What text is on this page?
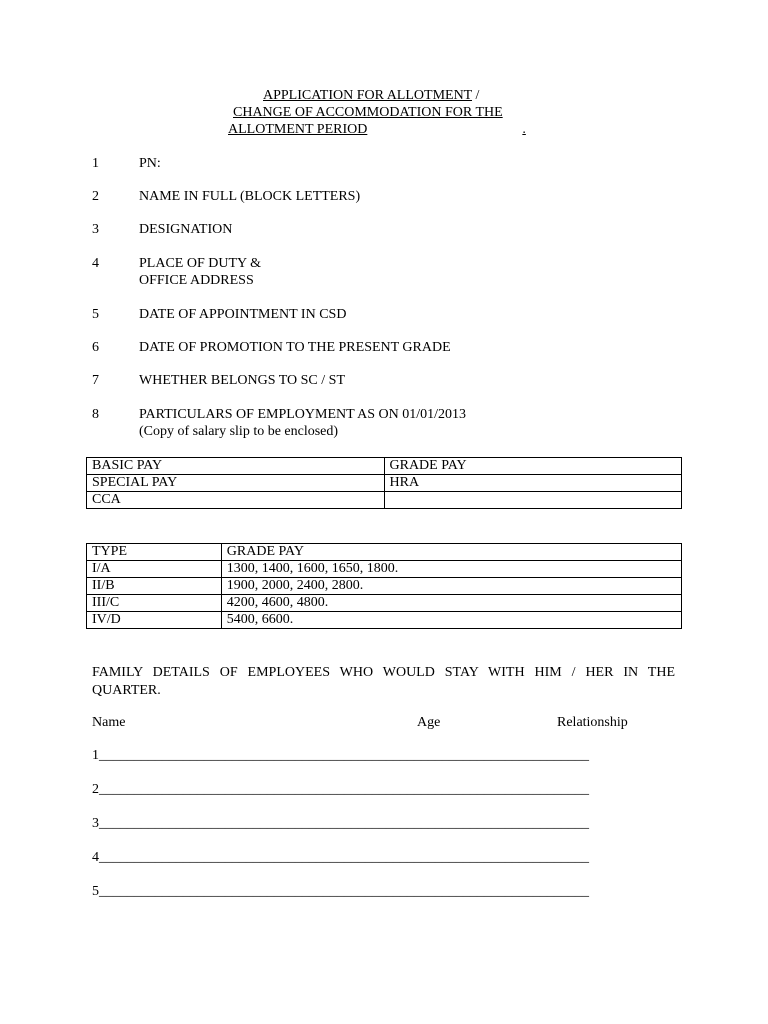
APPLICATION FOR ALLOTMENT /
CHANGE OF ACCOMMODATION FOR THE
ALLOTMENT PERIOD	.
1	PN:
2	NAME IN FULL (BLOCK LETTERS)
3	DESIGNATION
4	PLACE OF DUTY &
OFFICE ADDRESS
5	DATE OF APPOINTMENT IN CSD
6	DATE OF PROMOTION TO THE PRESENT GRADE
7	WHETHER BELONGS TO SC / ST
8	PARTICULARS OF EMPLOYMENT AS ON 01/01/2013
(Copy of salary slip to be enclosed)
BASIC PAY	GRADE PAY
SPECIAL PAY	HRA
CCA	
TYPE	GRADE PAY
I/A	1300, 1400, 1600, 1650, 1800.
II/B	1900, 2000, 2400, 2800.
III/C	4200, 4600, 4800.
IV/D	5400, 6600.
FAMILY DETAILS OF EMPLOYEES WHO WOULD STAY WITH HIM / HER IN THE
QUARTER.
Name	Age	Relationship
1______________________________________________________________________
2______________________________________________________________________
3______________________________________________________________________
4______________________________________________________________________
5______________________________________________________________________
